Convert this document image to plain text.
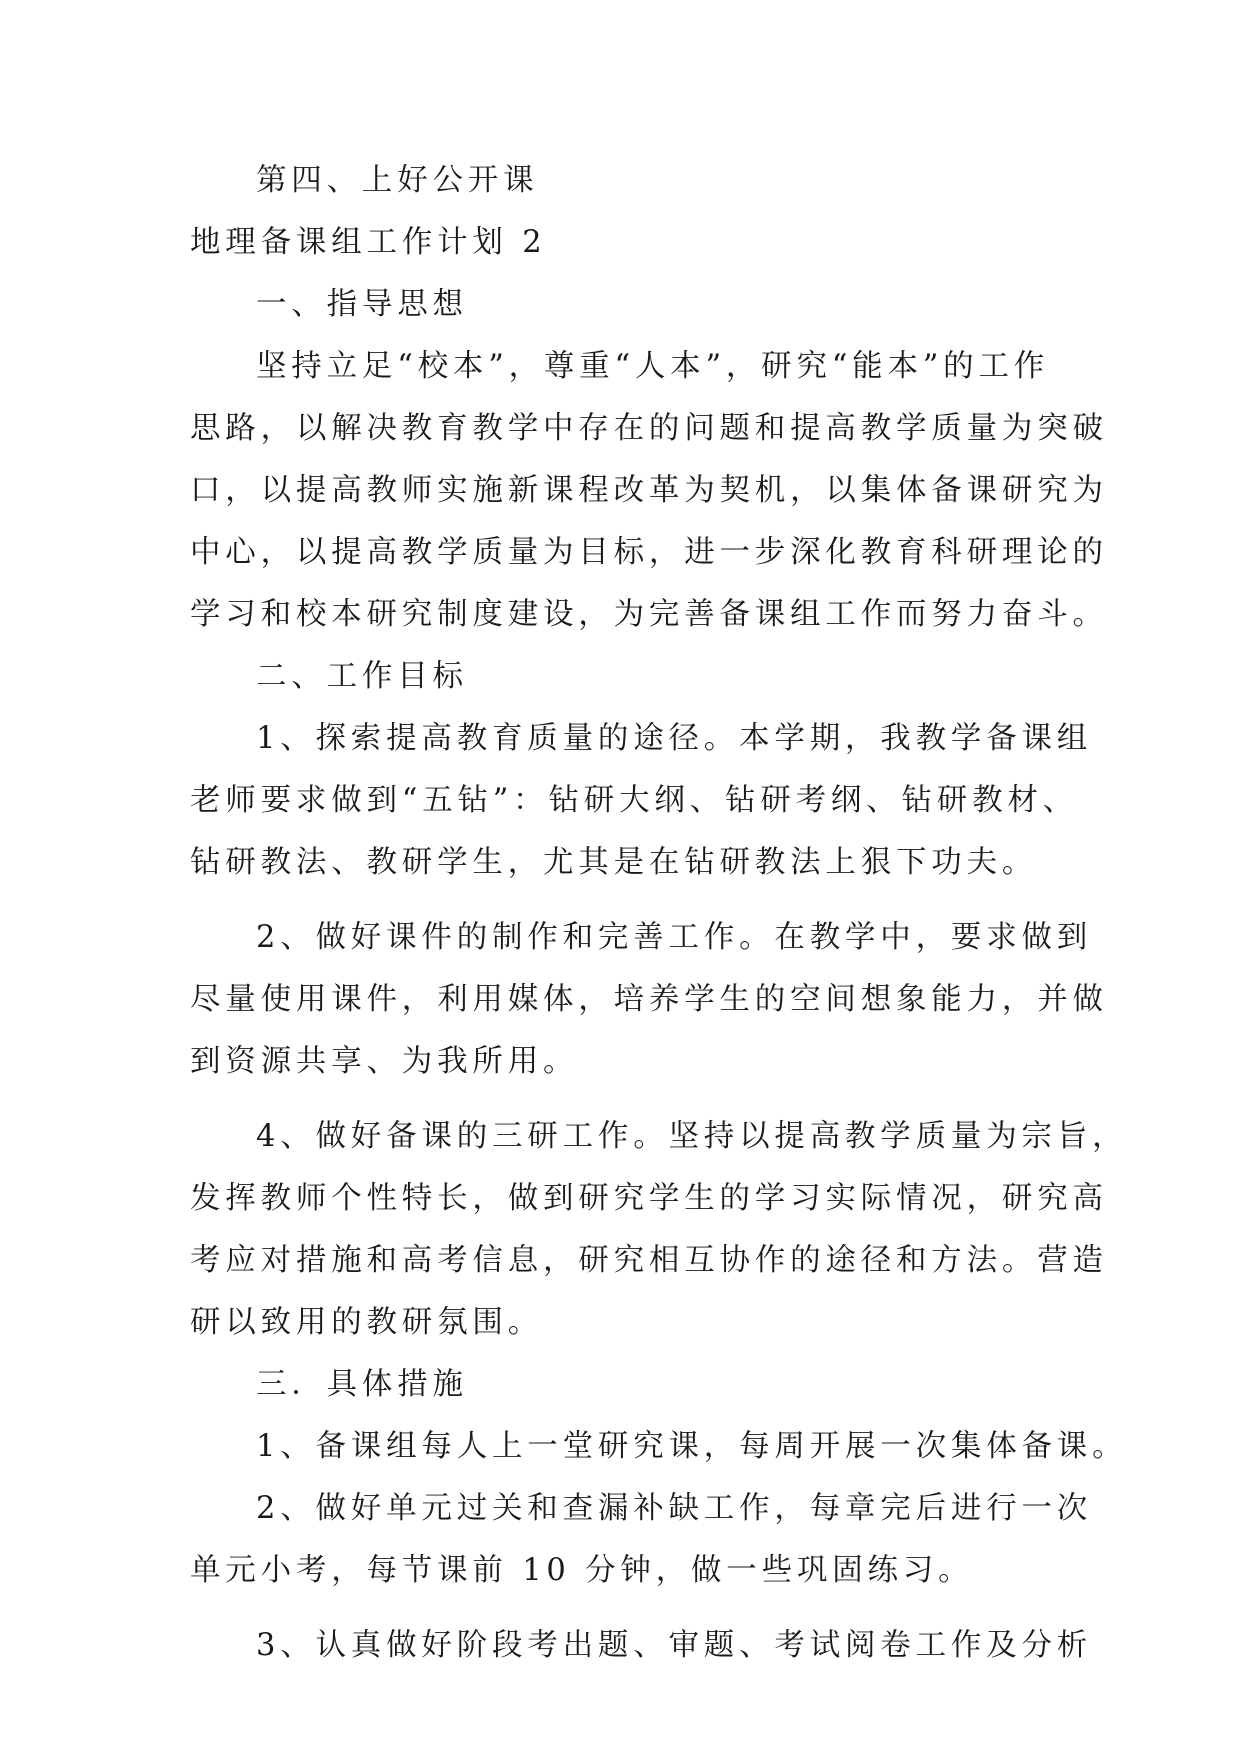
第四、上好公开课

地理备课组工作计划 2

一、指导思想

坚持立足“校本”，尊重“人本”，研究“能本”的工作

思路，以解决教育教学中存在的问题和提高教学质量为突破

口，以提高教师实施新课程改革为契机，以集体备课研究为

中心，以提高教学质量为目标，进一步深化教育科研理论的

学习和校本研究制度建设，为完善备课组工作而努力奋斗。

二、工作目标

1、探索提高教育质量的途径。本学期，我教学备课组

老师要求做到“五钻”：钻研大纲、钻研考纲、钻研教材、

钻研教法、教研学生，尤其是在钻研教法上狠下功夫。

2、做好课件的制作和完善工作。在教学中，要求做到

尽量使用课件，利用媒体，培养学生的空间想象能力，并做

到资源共享、为我所用。

4、做好备课的三研工作。坚持以提高教学质量为宗旨，

发挥教师个性特长，做到研究学生的学习实际情况，研究高

考应对措施和高考信息，研究相互协作的途径和方法。营造

研以致用的教研氛围。

三．具体措施

1、备课组每人上一堂研究课，每周开展一次集体备课。

2、做好单元过关和查漏补缺工作，每章完后进行一次

单元小考，每节课前 10 分钟，做一些巩固练习。

3、认真做好阶段考出题、审题、考试阅卷工作及分析
